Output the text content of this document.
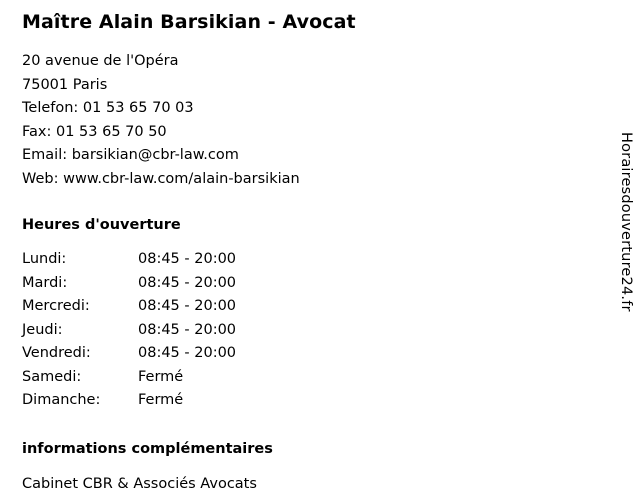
Maître Alain Barsikian - Avocat

20 avenue de l'Opéra

75001 Paris

Telefon: 01 53 65 70 03

Fax: 01 53 65 70 50

Email: barsikian@cbr-law.com

Web: www.cbr-law.com/alain-barsikian

Heures d'ouverture
Lundi:	08:45 - 20:00
Mardi:	08:45 - 20:00
Mercredi:	08:45 - 20:00
Jeudi:	08:45 - 20:00
Vendredi:	08:45 - 20:00
Samedi:	Fermé
Dimanche:	Fermé
informations complémentaires

Cabinet CBR & Associés Avocats

Horairesdouverture24.fr
